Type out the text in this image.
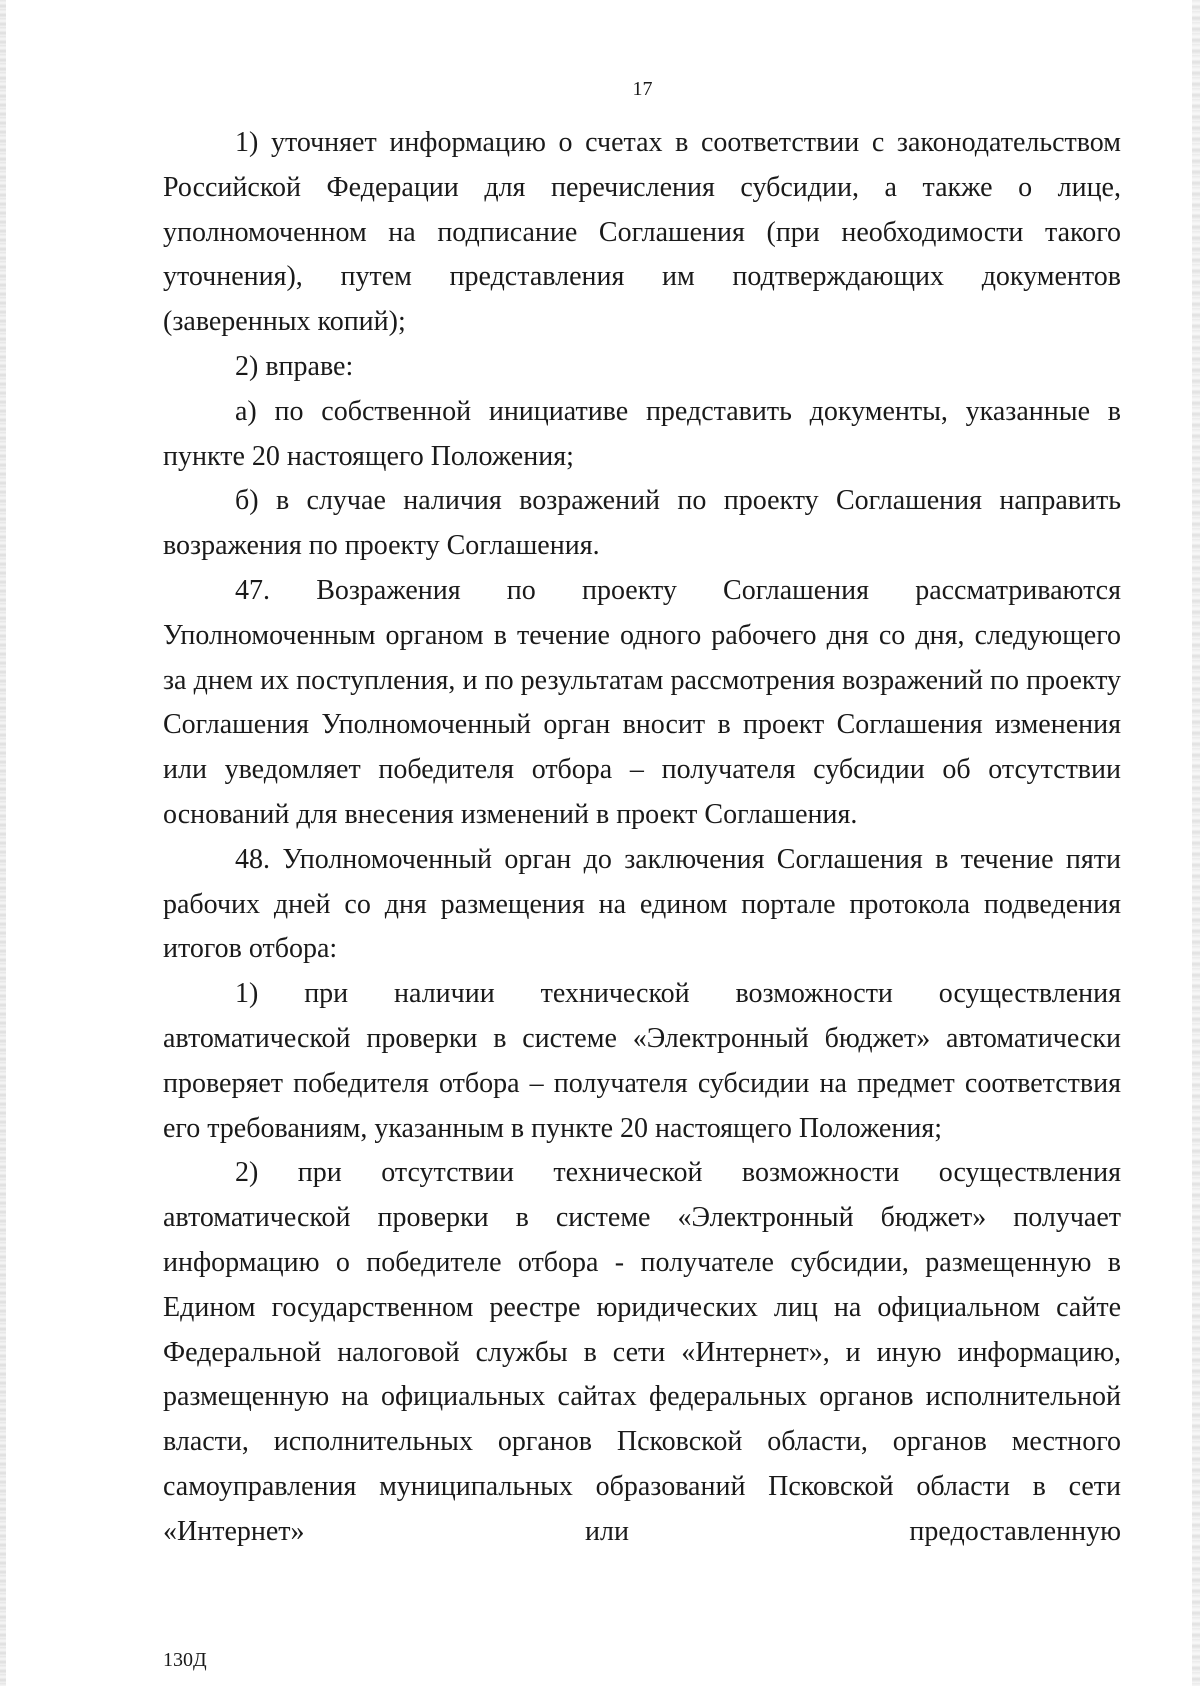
17

1) уточняет информацию о счетах в соответствии с законодательством Российской Федерации для перечисления субсидии, а также о лице, уполномоченном на подписание Соглашения (при необходимости такого уточнения), путем представления им подтверждающих документов (заверенных копий);

2) вправе:

а) по собственной инициативе представить документы, указанные в пункте 20 настоящего Положения;

б) в случае наличия возражений по проекту Соглашения направить возражения по проекту Соглашения.

47. Возражения по проекту Соглашения рассматриваются Уполномоченным органом в течение одного рабочего дня со дня, следующего за днем их поступления, и по результатам рассмотрения возражений по проекту Соглашения Уполномоченный орган вносит в проект Соглашения изменения или уведомляет победителя отбора – получателя субсидии об отсутствии оснований для внесения изменений в проект Соглашения.

48. Уполномоченный орган до заключения Соглашения в течение пяти рабочих дней со дня размещения на едином портале протокола подведения итогов отбора:

1) при наличии технической возможности осуществления автоматической проверки в системе «Электронный бюджет» автоматически проверяет победителя отбора – получателя субсидии на предмет соответствия его требованиям, указанным в пункте 20 настоящего Положения;

2) при отсутствии технической возможности осуществления автоматической проверки в системе «Электронный бюджет» получает информацию о победителе отбора - получателе субсидии, размещенную в Едином государственном реестре юридических лиц на официальном сайте Федеральной налоговой службы в сети «Интернет», и иную информацию, размещенную на официальных сайтах федеральных органов исполнительной власти, исполнительных органов Псковской области, органов местного самоуправления муниципальных образований Псковской области в сети «Интернет» или предоставленную

130Д
